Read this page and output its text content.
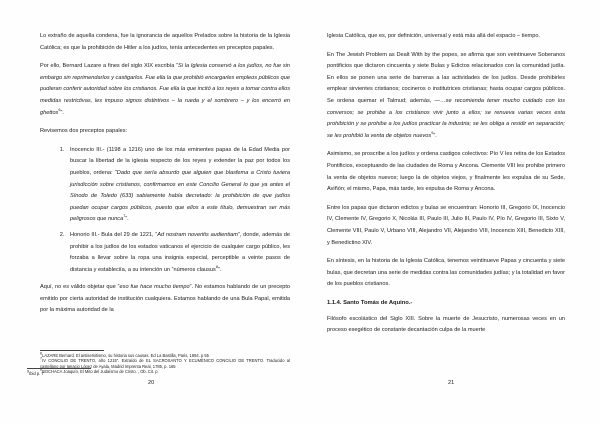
Lo extraño de aquella condena, fue la ignorancia de aquellos Prelados sobre la historia de la Iglesia Católica; es que la prohibición de Hitler a los judíos, tenía antecedentes en preceptos papales.

Por ello, Bernard Lazare a fines del siglo XIX escribía “Si la Iglesia conservó a los judíos, no fue sin embargo sin reprimendarlos y castigarlos. Fue ella la que prohibió encargarles empleos públicos que pudieran conferir autoridad sobre los cristianos. Fue ella la que incitó a los reyes a tomar contra ellos medidas restrictivas, les impuso signos distintivos – la rueda y el sombrero – y los encerró en ghettos$^6$”.

Revisemos dos preceptos papales:

1. Inocencio III.- (1198 a 1216) uno de los más eminentes papas de la Edad Media por buscar la libertad de la iglesia respecto de los reyes y extender la paz por todos los pueblos, ordena: “Dado que sería absurdo que alguien que blasfema a Cristo tuviera jurisdicción sobre cristianos, confirmamos en este Concilio General lo que ya antes el Sínodo de Toledo (633) sabiamente había decretado: la prohibición de que judíos puedan ocupar cargos públicos, puesto que ellos a este título, demuestran ser más peligrosos que nunca$^7$”.
2. Honorio III.- Bula del 29 de 1221, “Ad nostram noveritis audientiam”, donde, además de prohibir a los judíos de los estados vaticanos el ejercicio de cualquier cargo público, les forzaba a llevar sobre la ropa una insignia especial, perceptible a veinte pasos de distancia y estableciía, a su intención un “números clausus$^8$”.

Aquí, no es válido objetar que “eso fue hace mucho tiempo”. No estamos hablando de un precepto emitido por cierta autoridad de institución cualquiera. Estamos hablando de una Bula Papal, emitida por la máxima autoridad de la

20

6LAZARE Bernard. El antisemitismo, su historia sus causas. Ed La Bastilla, Paris, 1894. p 55

7IV CONCILIO DE TRENTO, año 1215”. Extraído de EL SACROSANTO Y ECUMÉNICO CONCILIO DE TRENTO. Traducido al castellano por Ignacio López de Ayala, Madrid Imprenta Real, 1785, p. 165

8BOCHACA Joaquín, El Mito del Judaísmo de Cristo. , Ob. Cit. p.

Iglesia Católica, que es, por definición, universal y está más allá del espacio – tiempo.

En The Jewish Problem as Dealt With by the popes, se afirma que son veintinueve Soberanos pontificios que dictaron cincuenta y siete Bulas y Edictos relacionados con la comunidad judía. En ellos se ponen una serie de barreras a las actividades de los judíos. Desde prohibirles emplear sirvientes cristianos; cocineros o institutrices cristianas; hasta ocupar cargos públicos. Se ordena quemar el Talmud; además, —…se recomienda tener mucho cuidado con los conversos; se prohibe a los cristianos vivir junto a ellos; se renueva varias veces esta prohibición y se prohibe a los judíos practicar la industria; se les obliga a residir en separación; se les prohibió la venta de objetos nuevos$^9$”.

Asimismo, se proscribe a los judíos y ordena castigos colectivos: Pío V les retira de los Estados Pontificios, exceptuando de las ciudades de Roma y Ancona. Clemente VIII les prohibe primero la venta de objetos nuevos; luego la de objetos viejos, y finalmente les expulsa de su Sede, Aviñón; el mismo, Papa, más tarde, les expulsa de Roma y Ancona.

Entre los papas que dictaron edictos y bulas se encuentran: Honorio III, Gregorio IX, Inocencio IV, Clemente IV, Gregorio X, Nicolás III, Paulo III, Julio III, Paulo IV, Pío IV, Gregorio III, Sixto V, Clemente VIII, Paulo V, Urbano VIII, Alejandro VII, Alejandro VIII, Inocencio XIII, Benedicto XIII, y Benedictino XIV.

En síntesis, en la historia de la Iglesia Católica, tenemos veintinueve Papas y cincuenta y siete bulas, que decretan una serie de medidas contra las comunidades judías; y la totalidad en favor de los pueblos cristianos.

1.1.4. Santo Tomás de Aquino.-

Filósofo escolástico del Siglo XIII. Sobre la muerte de Jesucristo, numerosas veces en un proceso exegético de constante decantación culpa de la muerte

21

9Ibid p. 7
